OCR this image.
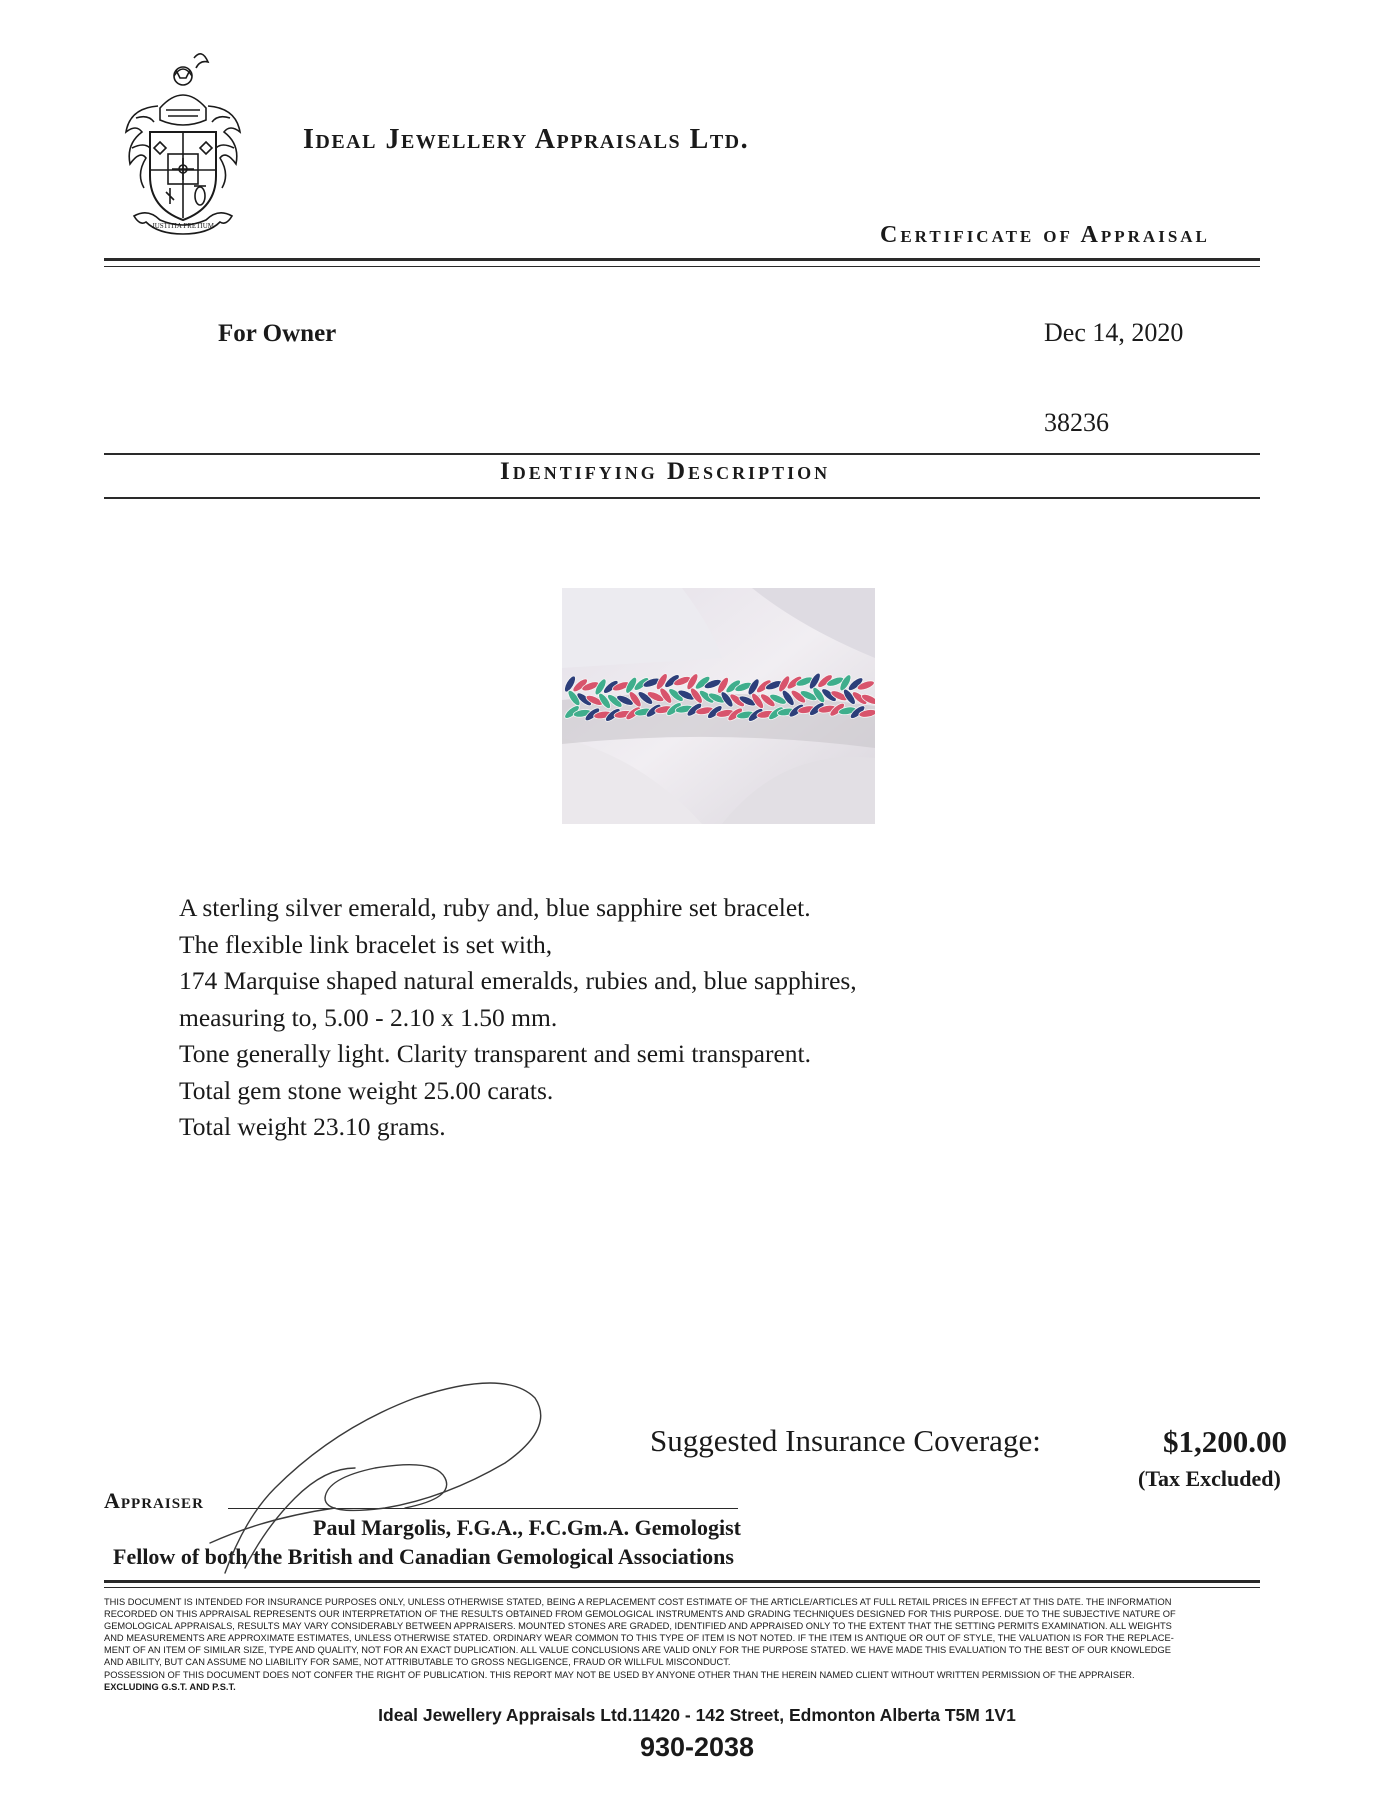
JUSTITIA PRETIUM
Ideal Jewellery Appraisals Ltd.
Certificate of Appraisal
For Owner	Dec 14, 2020
38236
Identifying Description
A sterling silver emerald, ruby and, blue sapphire set bracelet.
The flexible link bracelet is set with,
174 Marquise shaped natural emeralds, rubies and, blue sapphires,
measuring to, 5.00 - 2.10 x 1.50 mm.
Tone generally light. Clarity transparent and semi transparent.
Total gem stone weight 25.00 carats.
Total weight 23.10 grams.
Suggested Insurance Coverage:	$1,200.00
(Tax Excluded)
Appraiser
Paul Margolis, F.G.A., F.C.Gm.A. Gemologist
Fellow of both the British and Canadian Gemological Associations
THIS DOCUMENT IS INTENDED FOR INSURANCE PURPOSES ONLY, UNLESS OTHERWISE STATED, BEING A REPLACEMENT COST ESTIMATE OF THE ARTICLE/ARTICLES AT FULL RETAIL PRICES IN EFFECT AT THIS DATE. THE INFORMATION
RECORDED ON THIS APPRAISAL REPRESENTS OUR INTERPRETATION OF THE RESULTS OBTAINED FROM GEMOLOGICAL INSTRUMENTS AND GRADING TECHNIQUES DESIGNED FOR THIS PURPOSE. DUE TO THE SUBJECTIVE NATURE OF
GEMOLOGICAL APPRAISALS, RESULTS MAY VARY CONSIDERABLY BETWEEN APPRAISERS. MOUNTED STONES ARE GRADED, IDENTIFIED AND APPRAISED ONLY TO THE EXTENT THAT THE SETTING PERMITS EXAMINATION. ALL WEIGHTS
AND MEASUREMENTS ARE APPROXIMATE ESTIMATES, UNLESS OTHERWISE STATED. ORDINARY WEAR COMMON TO THIS TYPE OF ITEM IS NOT NOTED. IF THE ITEM IS ANTIQUE OR OUT OF STYLE, THE VALUATION IS FOR THE REPLACE-
MENT OF AN ITEM OF SIMILAR SIZE, TYPE AND QUALITY, NOT FOR AN EXACT DUPLICATION. ALL VALUE CONCLUSIONS ARE VALID ONLY FOR THE PURPOSE STATED. WE HAVE MADE THIS EVALUATION TO THE BEST OF OUR KNOWLEDGE
AND ABILITY, BUT CAN ASSUME NO LIABILITY FOR SAME, NOT ATTRIBUTABLE TO GROSS NEGLIGENCE, FRAUD OR WILLFUL MISCONDUCT.
POSSESSION OF THIS DOCUMENT DOES NOT CONFER THE RIGHT OF PUBLICATION. THIS REPORT MAY NOT BE USED BY ANYONE OTHER THAN THE HEREIN NAMED CLIENT WITHOUT WRITTEN PERMISSION OF THE APPRAISER.
EXCLUDING G.S.T. AND P.S.T.
Ideal Jewellery Appraisals Ltd.11420 - 142 Street, Edmonton Alberta T5M 1V1
930-2038
